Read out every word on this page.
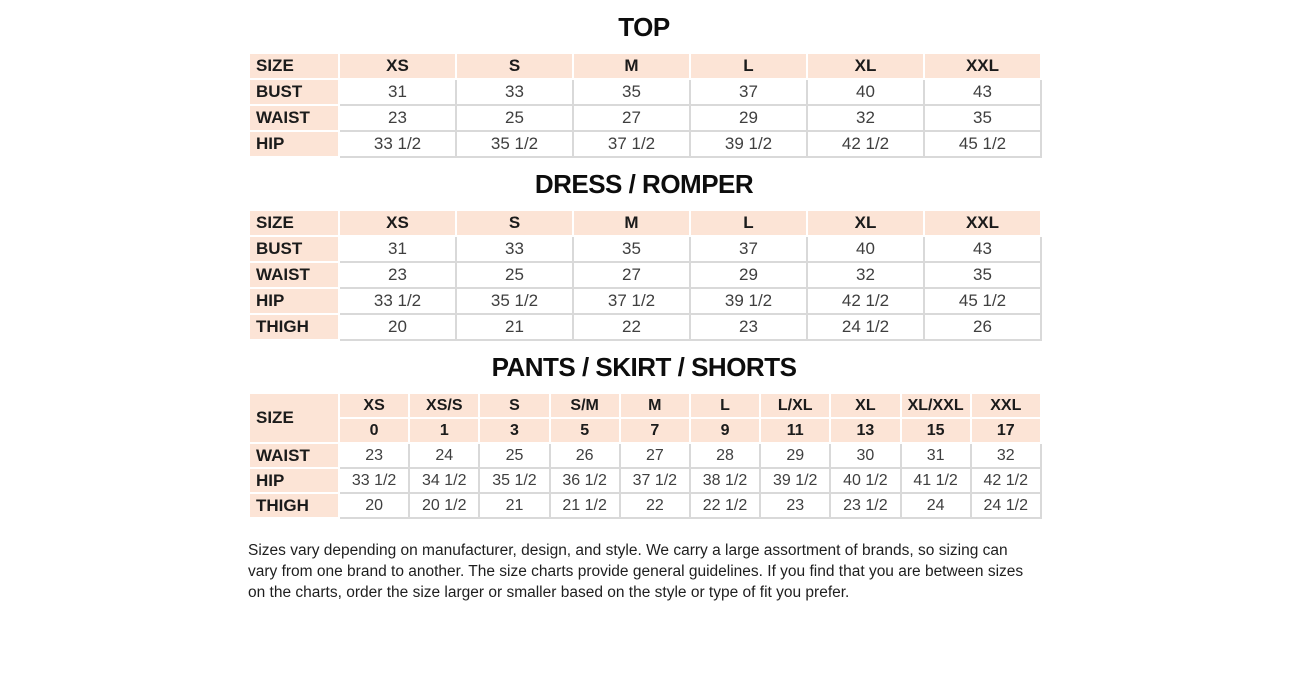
TOP
SIZE	XS	S	M	L	XL	XXL
BUST	31	33	35	37	40	43
WAIST	23	25	27	29	32	35
HIP	33 1/2	35 1/2	37 1/2	39 1/2	42 1/2	45 1/2
DRESS / ROMPER
SIZE	XS	S	M	L	XL	XXL
BUST	31	33	35	37	40	43
WAIST	23	25	27	29	32	35
HIP	33 1/2	35 1/2	37 1/2	39 1/2	42 1/2	45 1/2
THIGH	20	21	22	23	24 1/2	26
PANTS / SKIRT / SHORTS
SIZE	XS	XS/S	S	S/M	M	L	L/XL	XL	XL/XXL	XXL
	0	1	3	5	7	9	11	13	15	17
WAIST	23	24	25	26	27	28	29	30	31	32
HIP	33 1/2	34 1/2	35 1/2	36 1/2	37 1/2	38 1/2	39 1/2	40 1/2	41 1/2	42 1/2
THIGH	20	20 1/2	21	21 1/2	22	22 1/2	23	23 1/2	24	24 1/2

Sizes vary depending on manufacturer, design, and style. We carry a large assortment of brands, so sizing can vary from one brand to another. The size charts provide general guidelines. If you find that you are between sizes on the charts, order the size larger or smaller based on the style or type of fit you prefer.
